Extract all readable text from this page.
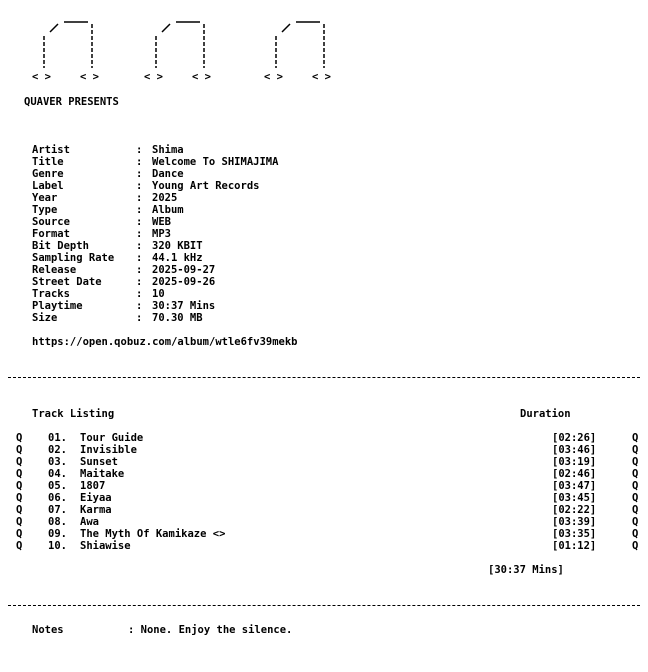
< >	< >	< >	< >	< >	< >
QUAVER PRESENTS
Artist	: Shima
Title	: Welcome To SHIMAJIMA
Genre	: Dance
Label	: Young Art Records
Year	: 2025
Type	: Album
Source	: WEB
Format	: MP3
Bit Depth	: 320 KBIT
Sampling Rate : 44.1 kHz
Release	: 2025-09-27
Street Date	: 2025-09-26
Tracks	: 10
Playtime	: 30:37 Mins
Size	: 70.30 MB
https://open.qobuz.com/album/wtle6fv39mekb
Track Listing	Duration
Q 01. Tour Guide	[02:26]	Q
Q 02. Invisible	[03:46]	Q
Q 03. Sunset	[03:19]	Q
Q 04. Maitake	[02:46]	Q
Q 05. 1807	[03:47]	Q
Q 06. Eiyaa	[03:45]	Q
Q 07. Karma	[02:22]	Q
Q 08. Awa	[03:39]	Q
Q 09. The Myth Of Kamikaze <>	[03:35]	Q
Q 10. Shiawise	[01:12]	Q
[30:37 Mins]
Notes	: None. Enjoy the silence.
